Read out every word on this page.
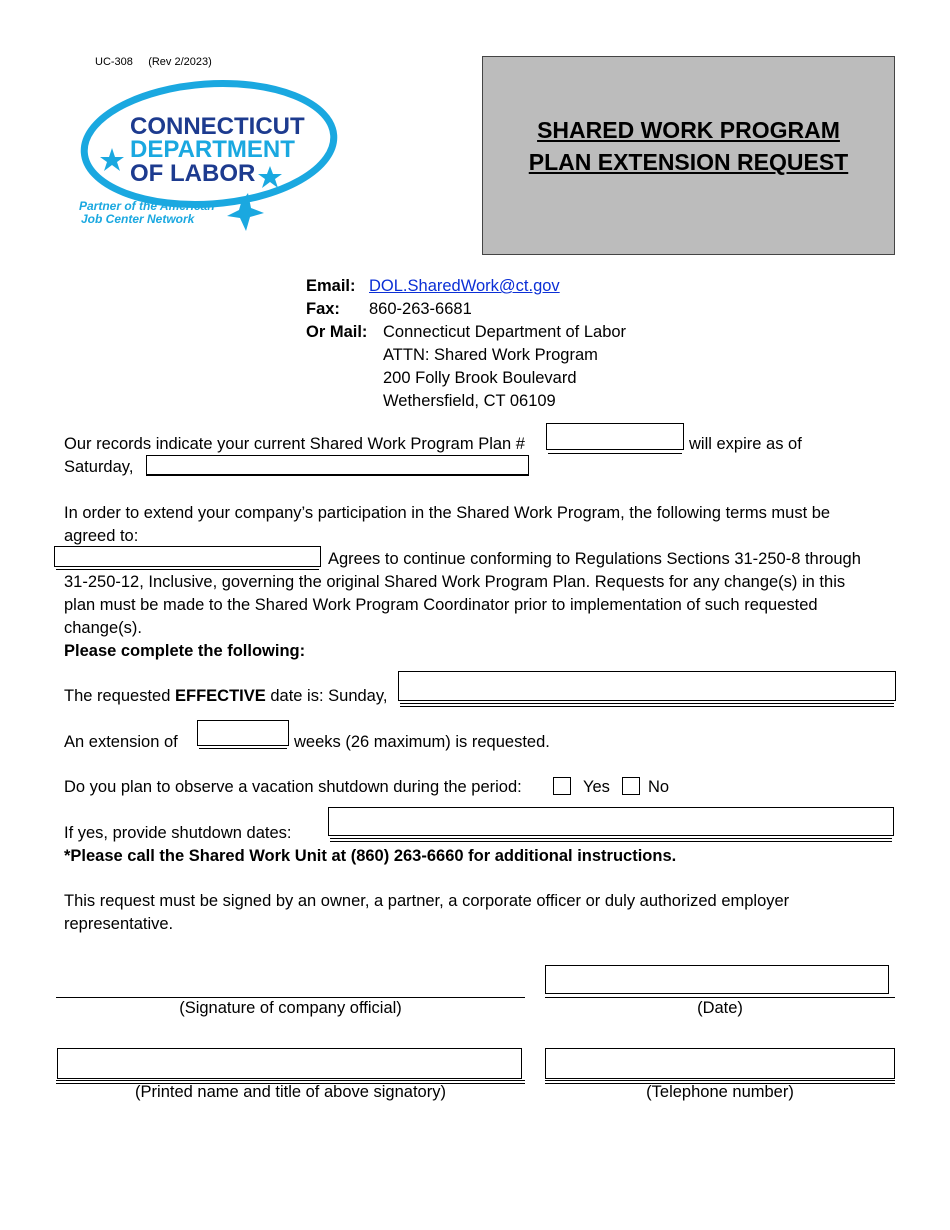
UC-308 (Rev 2/2023)
CONNECTICUT
DEPARTMENT
OF LABOR
Partner of the American
Job Center Network
SHARED WORK PROGRAM
PLAN EXTENSION REQUEST
Email: DOL.SharedWork@ct.gov
Fax: 860-263-6681
Or Mail: Connecticut Department of Labor
ATTN: Shared Work Program
200 Folly Brook Boulevard
Wethersfield, CT 06109
Our records indicate your current Shared Work Program Plan #	will expire as of
Saturday,
In order to extend your company’s participation in the Shared Work Program, the following terms must be
agreed to:
Agrees to continue conforming to Regulations Sections 31-250-8 through
31-250-12, Inclusive, governing the original Shared Work Program Plan. Requests for any change(s) in this
plan must be made to the Shared Work Program Coordinator prior to implementation of such requested
change(s).
Please complete the following:
The requested EFFECTIVE date is: Sunday,
An extension of	weeks (26 maximum) is requested.
Do you plan to observe a vacation shutdown during the period:	Yes No
If yes, provide shutdown dates:
*Please call the Shared Work Unit at (860) 263-6660 for additional instructions.
This request must be signed by an owner, a partner, a corporate officer or duly authorized employer
representative.
(Signature of company official)	(Date)
(Printed name and title of above signatory)	(Telephone number)
